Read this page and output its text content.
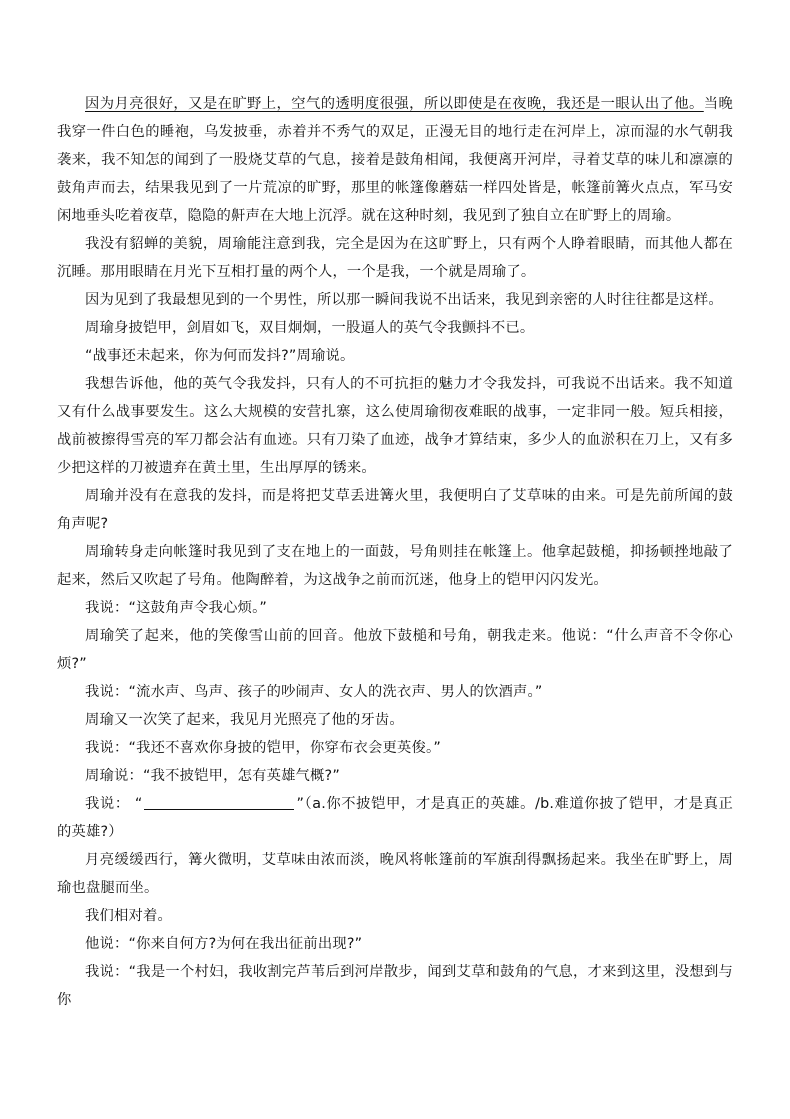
因为月亮很好，又是在旷野上，空气的透明度很强，所以即使是在夜晚，我还是一眼认出了他。当晚我穿一件白色的睡袍，乌发披垂，赤着并不秀气的双足，正漫无目的地行走在河岸上，凉而湿的水气朝我袭来，我不知怎的闻到了一股烧艾草的气息，接着是鼓角相闻，我便离开河岸，寻着艾草的味儿和凛凛的鼓角声而去，结果我见到了一片荒凉的旷野，那里的帐篷像蘑菇一样四处皆是，帐篷前篝火点点，军马安闲地垂头吃着夜草，隐隐的鼾声在大地上沉浮。就在这种时刻，我见到了独自立在旷野上的周瑜。

我没有貂蝉的美貌，周瑜能注意到我，完全是因为在这旷野上，只有两个人睁着眼睛，而其他人都在沉睡。那用眼睛在月光下互相打量的两个人，一个是我，一个就是周瑜了。

因为见到了我最想见到的一个男性，所以那一瞬间我说不出话来，我见到亲密的人时往往都是这样。

周瑜身披铠甲，剑眉如飞，双目炯炯，一股逼人的英气令我颤抖不已。

“战事还未起来，你为何而发抖?”周瑜说。

我想告诉他，他的英气令我发抖，只有人的不可抗拒的魅力才令我发抖，可我说不出话来。我不知道又有什么战事要发生。这么大规模的安营扎寨，这么使周瑜彻夜难眠的战事，一定非同一般。短兵相接，战前被擦得雪亮的军刀都会沾有血迹。只有刀染了血迹，战争才算结束，多少人的血淤积在刀上，又有多少把这样的刀被遗弃在黄土里，生出厚厚的锈来。

周瑜并没有在意我的发抖，而是将把艾草丢进篝火里，我便明白了艾草味的由来。可是先前所闻的鼓角声呢?

周瑜转身走向帐篷时我见到了支在地上的一面鼓，号角则挂在帐篷上。他拿起鼓槌，抑扬顿挫地敲了起来，然后又吹起了号角。他陶醉着，为这战争之前而沉迷，他身上的铠甲闪闪发光。

我说：“这鼓角声令我心烦。”

周瑜笑了起来，他的笑像雪山前的回音。他放下鼓槌和号角，朝我走来。他说：“什么声音不令你心烦?”

我说：“流水声、鸟声、孩子的吵闹声、女人的洗衣声、男人的饮酒声。”

周瑜又一次笑了起来，我见月光照亮了他的牙齿。

我说：“我还不喜欢你身披的铠甲，你穿布衣会更英俊。”

周瑜说：“我不披铠甲，怎有英雄气概?”

我说： “	”（a.你不披铠甲，才是真正的英雄。/b.难道你披了铠甲，才是真正的英雄?）

月亮缓缓西行，篝火微明，艾草味由浓而淡，晚风将帐篷前的军旗刮得飘扬起来。我坐在旷野上，周瑜也盘腿而坐。

我们相对着。

他说：“你来自何方?为何在我出征前出现?”

我说：“我是一个村妇，我收割完芦苇后到河岸散步，闻到艾草和鼓角的气息，才来到这里，没想到与你
